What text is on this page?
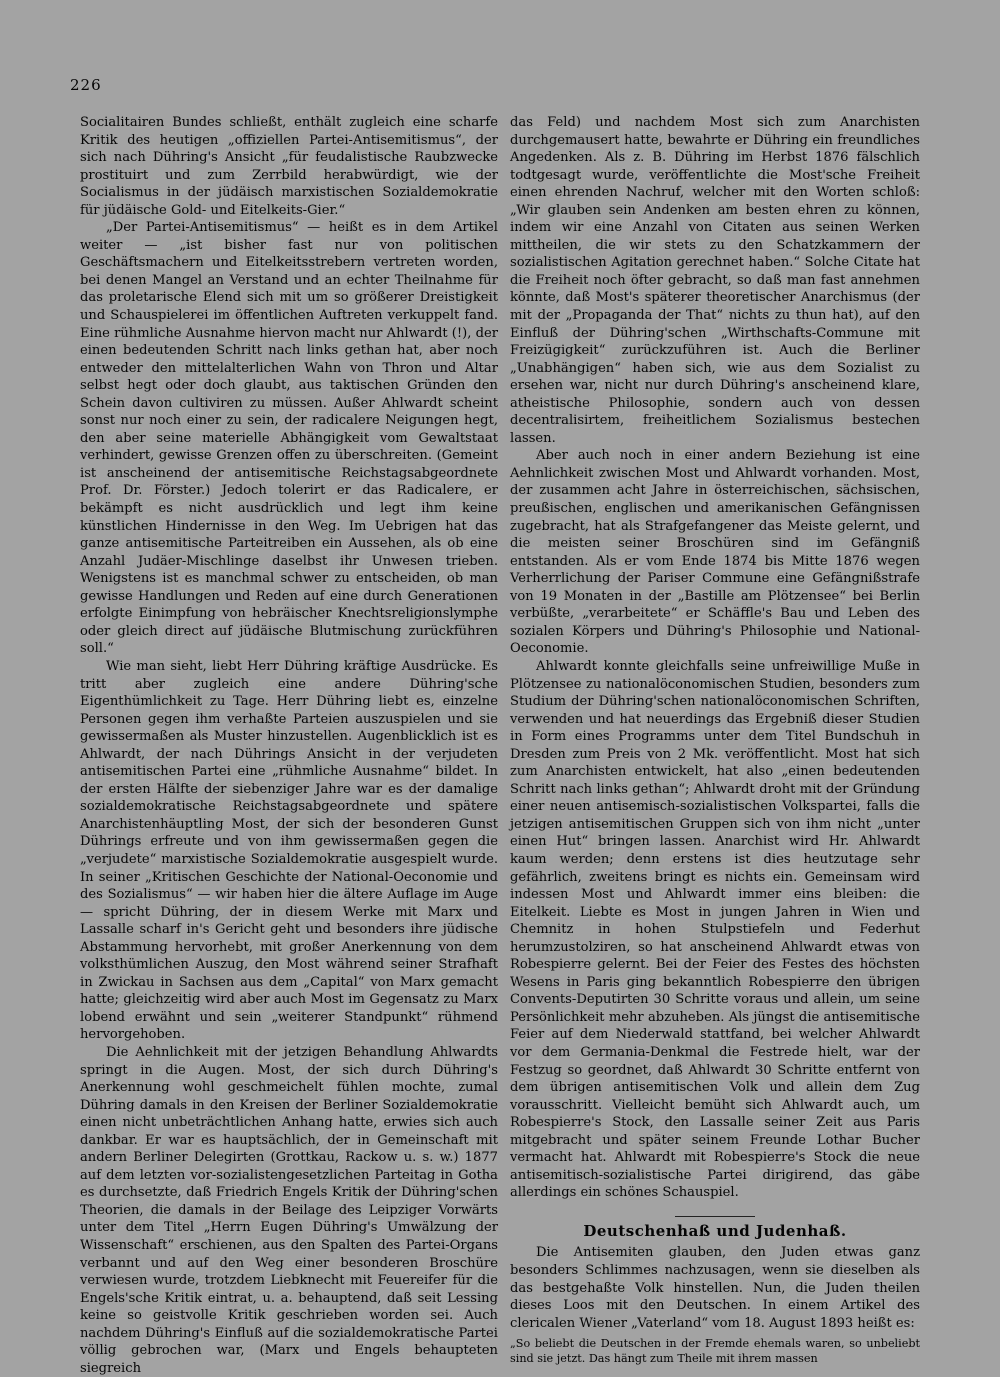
226

Socialitairen Bundes schließt, enthält zugleich eine scharfe Kritik des heutigen „offiziellen Partei-Antisemitismus“, der sich nach Dühring's Ansicht „für feudalistische Raubzwecke prostituirt und zum Zerrbild herabwürdigt, wie der Socialismus in der jüdäisch marxistischen Sozialdemokratie für jüdäische Gold- und Eitelkeits-Gier.“

„Der Partei-Antisemitismus“ — heißt es in dem Artikel weiter — „ist bisher fast nur von politischen Geschäftsmachern und Eitelkeitsstrebern vertreten worden, bei denen Mangel an Verstand und an echter Theilnahme für das proletarische Elend sich mit um so größerer Dreistigkeit und Schauspielerei im öffentlichen Auftreten verkuppelt fand. Eine rühmliche Ausnahme hiervon macht nur Ahlwardt (!), der einen bedeutenden Schritt nach links gethan hat, aber noch entweder den mittelalterlichen Wahn von Thron und Altar selbst hegt oder doch glaubt, aus taktischen Gründen den Schein davon cultiviren zu müssen. Außer Ahlwardt scheint sonst nur noch einer zu sein, der radicalere Neigungen hegt, den aber seine materielle Abhängigkeit vom Gewaltstaat verhindert, gewisse Grenzen offen zu überschreiten. (Gemeint ist anscheinend der antisemitische Reichstagsabgeordnete Prof. Dr. Förster.) Jedoch tolerirt er das Radicalere, er bekämpft es nicht ausdrücklich und legt ihm keine künstlichen Hindernisse in den Weg. Im Uebrigen hat das ganze antisemitische Parteitreiben ein Aussehen, als ob eine Anzahl Judäer-Mischlinge daselbst ihr Unwesen trieben. Wenigstens ist es manchmal schwer zu entscheiden, ob man gewisse Handlungen und Reden auf eine durch Generationen erfolgte Einimpfung von hebräischer Knechtsreligionslymphe oder gleich direct auf jüdäische Blutmischung zurückführen soll.“

Wie man sieht, liebt Herr Dühring kräftige Ausdrücke. Es tritt aber zugleich eine andere Dühring'sche Eigenthümlichkeit zu Tage. Herr Dühring liebt es, einzelne Personen gegen ihm verhaßte Parteien auszuspielen und sie gewissermaßen als Muster hinzustellen. Augenblicklich ist es Ahlwardt, der nach Dührings Ansicht in der verjudeten antisemitischen Partei eine „rühmliche Ausnahme“ bildet. In der ersten Hälfte der siebenziger Jahre war es der damalige sozialdemokratische Reichstagsabgeordnete und spätere Anarchistenhäuptling Most, der sich der besonderen Gunst Dührings erfreute und von ihm gewissermaßen gegen die „verjudete“ marxistische Sozialdemokratie ausgespielt wurde. In seiner „Kritischen Geschichte der National-Oeconomie und des Sozialismus“ — wir haben hier die ältere Auflage im Auge — spricht Dühring, der in diesem Werke mit Marx und Lassalle scharf in's Gericht geht und besonders ihre jüdische Abstammung hervorhebt, mit großer Anerkennung von dem volksthümlichen Auszug, den Most während seiner Strafhaft in Zwickau in Sachsen aus dem „Capital“ von Marx gemacht hatte; gleichzeitig wird aber auch Most im Gegensatz zu Marx lobend erwähnt und sein „weiterer Standpunkt“ rühmend hervorgehoben.

Die Aehnlichkeit mit der jetzigen Behandlung Ahlwardts springt in die Augen. Most, der sich durch Dühring's Anerkennung wohl geschmeichelt fühlen mochte, zumal Dühring damals in den Kreisen der Berliner Sozialdemokratie einen nicht unbeträchtlichen Anhang hatte, erwies sich auch dankbar. Er war es hauptsächlich, der in Gemeinschaft mit andern Berliner Delegirten (Grottkau, Rackow u. s. w.) 1877 auf dem letzten vor-sozialistengesetzlichen Parteitag in Gotha es durchsetzte, daß Friedrich Engels Kritik der Dühring'schen Theorien, die damals in der Beilage des Leipziger Vorwärts unter dem Titel „Herrn Eugen Dühring's Umwälzung der Wissenschaft“ erschienen, aus den Spalten des Partei-Organs verbannt und auf den Weg einer besonderen Broschüre verwiesen wurde, trotzdem Liebknecht mit Feuereifer für die Engels'sche Kritik eintrat, u. a. behauptend, daß seit Lessing keine so geistvolle Kritik geschrieben worden sei. Auch nachdem Dühring's Einfluß auf die sozialdemokratische Partei völlig gebrochen war, (Marx und Engels behaupteten siegreich

das Feld) und nachdem Most sich zum Anarchisten durchgemausert hatte, bewahrte er Dühring ein freundliches Angedenken. Als z. B. Dühring im Herbst 1876 fälschlich todtgesagt wurde, veröffentlichte die Most'sche Freiheit einen ehrenden Nachruf, welcher mit den Worten schloß: „Wir glauben sein Andenken am besten ehren zu können, indem wir eine Anzahl von Citaten aus seinen Werken mittheilen, die wir stets zu den Schatzkammern der sozialistischen Agitation gerechnet haben.“ Solche Citate hat die Freiheit noch öfter gebracht, so daß man fast annehmen könnte, daß Most's späterer theoretischer Anarchismus (der mit der „Propaganda der That“ nichts zu thun hat), auf den Einfluß der Dühring'schen „Wirthschafts-Commune mit Freizügigkeit“ zurückzuführen ist. Auch die Berliner „Unabhängigen“ haben sich, wie aus dem Sozialist zu ersehen war, nicht nur durch Dühring's anscheinend klare, atheistische Philosophie, sondern auch von dessen decentralisirtem, freiheitlichem Sozialismus bestechen lassen.

Aber auch noch in einer andern Beziehung ist eine Aehnlichkeit zwischen Most und Ahlwardt vorhanden. Most, der zusammen acht Jahre in österreichischen, sächsischen, preußischen, englischen und amerikanischen Gefängnissen zugebracht, hat als Strafgefangener das Meiste gelernt, und die meisten seiner Broschüren sind im Gefängniß entstanden. Als er vom Ende 1874 bis Mitte 1876 wegen Verherrlichung der Pariser Commune eine Gefängnißstrafe von 19 Monaten in der „Bastille am Plötzensee“ bei Berlin verbüßte, „verarbeitete“ er Schäffle's Bau und Leben des sozialen Körpers und Dühring's Philosophie und National-Oeconomie.

Ahlwardt konnte gleichfalls seine unfreiwillige Muße in Plötzensee zu nationalöconomischen Studien, besonders zum Studium der Dühring'schen nationalöconomischen Schriften, verwenden und hat neuerdings das Ergebniß dieser Studien in Form eines Programms unter dem Titel Bundschuh in Dresden zum Preis von 2 Mk. veröffentlicht. Most hat sich zum Anarchisten entwickelt, hat also „einen bedeutenden Schritt nach links gethan“; Ahlwardt droht mit der Gründung einer neuen antisemisch-sozialistischen Volkspartei, falls die jetzigen antisemitischen Gruppen sich von ihm nicht „unter einen Hut“ bringen lassen. Anarchist wird Hr. Ahlwardt kaum werden; denn erstens ist dies heutzutage sehr gefährlich, zweitens bringt es nichts ein. Gemeinsam wird indessen Most und Ahlwardt immer eins bleiben: die Eitelkeit. Liebte es Most in jungen Jahren in Wien und Chemnitz in hohen Stulpstiefeln und Federhut herumzustolziren, so hat anscheinend Ahlwardt etwas von Robespierre gelernt. Bei der Feier des Festes des höchsten Wesens in Paris ging bekanntlich Robespierre den übrigen Convents-Deputirten 30 Schritte voraus und allein, um seine Persönlichkeit mehr abzuheben. Als jüngst die antisemitische Feier auf dem Niederwald stattfand, bei welcher Ahlwardt vor dem Germania-Denkmal die Festrede hielt, war der Festzug so geordnet, daß Ahlwardt 30 Schritte entfernt von dem übrigen antisemitischen Volk und allein dem Zug vorausschritt. Vielleicht bemüht sich Ahlwardt auch, um Robespierre's Stock, den Lassalle seiner Zeit aus Paris mitgebracht und später seinem Freunde Lothar Bucher vermacht hat. Ahlwardt mit Robespierre's Stock die neue antisemitisch-sozialistische Partei dirigirend, das gäbe allerdings ein schönes Schauspiel.

Deutschenhaß und Judenhaß.

Die Antisemiten glauben, den Juden etwas ganz besonders Schlimmes nachzusagen, wenn sie dieselben als das bestgehaßte Volk hinstellen. Nun, die Juden theilen dieses Loos mit den Deutschen. In einem Artikel des clericalen Wiener „Vaterland“ vom 18. August 1893 heißt es:

„So beliebt die Deutschen in der Fremde ehemals waren, so unbeliebt sind sie jetzt. Das hängt zum Theile mit ihrem massen
